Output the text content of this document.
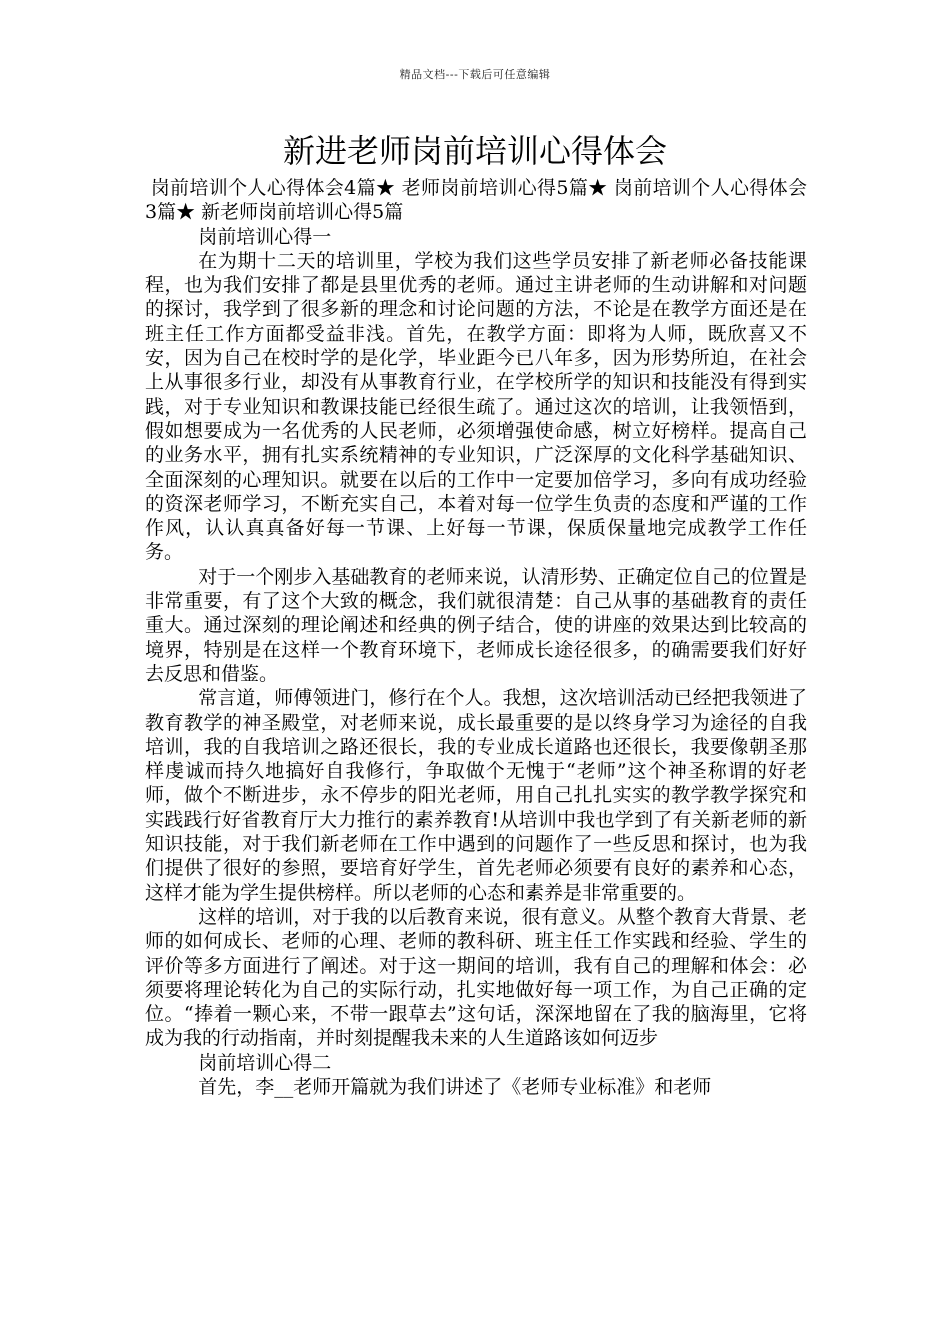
精品文档---下载后可任意编辑
新进老师岗前培训心得体会

岗前培训个人心得体会4篇★ 老师岗前培训心得5篇★ 岗前培训个人心得体会3篇★ 新老师岗前培训心得5篇

岗前培训心得一

在为期十二天的培训里，学校为我们这些学员安排了新老师必备技能课程，也为我们安排了都是县里优秀的老师。通过主讲老师的生动讲解和对问题的探讨，我学到了很多新的理念和讨论问题的方法，不论是在教学方面还是在班主任工作方面都受益非浅。首先，在教学方面：即将为人师，既欣喜又不安，因为自己在校时学的是化学，毕业距今已八年多，因为形势所迫，在社会上从事很多行业，却没有从事教育行业，在学校所学的知识和技能没有得到实践，对于专业知识和教课技能已经很生疏了。通过这次的培训，让我领悟到，假如想要成为一名优秀的人民老师，必须增强使命感，树立好榜样。提高自己的业务水平，拥有扎实系统精神的专业知识，广泛深厚的文化科学基础知识、全面深刻的心理知识。就要在以后的工作中一定要加倍学习，多向有成功经验的资深老师学习，不断充实自己，本着对每一位学生负责的态度和严谨的工作作风，认认真真备好每一节课、上好每一节课，保质保量地完成教学工作任务。

对于一个刚步入基础教育的老师来说，认清形势、正确定位自己的位置是非常重要，有了这个大致的概念，我们就很清楚：自己从事的基础教育的责任重大。通过深刻的理论阐述和经典的例子结合，使的讲座的效果达到比较高的境界，特别是在这样一个教育环境下，老师成长途径很多，的确需要我们好好去反思和借鉴。

常言道，师傅领进门，修行在个人。我想，这次培训活动已经把我领进了教育教学的神圣殿堂，对老师来说，成长最重要的是以终身学习为途径的自我培训，我的自我培训之路还很长，我的专业成长道路也还很长，我要像朝圣那样虔诚而持久地搞好自我修行，争取做个无愧于“老师”这个神圣称谓的好老师，做个不断进步，永不停步的阳光老师，用自己扎扎实实的教学教学探究和实践践行好省教育厅大力推行的素养教育!从培训中我也学到了有关新老师的新知识技能，对于我们新老师在工作中遇到的问题作了一些反思和探讨，也为我们提供了很好的参照，要培育好学生，首先老师必须要有良好的素养和心态，这样才能为学生提供榜样。所以老师的心态和素养是非常重要的。

这样的培训，对于我的以后教育来说，很有意义。从整个教育大背景、老师的如何成长、老师的心理、老师的教科研、班主任工作实践和经验、学生的评价等多方面进行了阐述。对于这一期间的培训，我有自己的理解和体会：必须要将理论转化为自己的实际行动，扎实地做好每一项工作，为自己正确的定位。“捧着一颗心来，不带一跟草去”这句话，深深地留在了我的脑海里，它将成为我的行动指南，并时刻提醒我未来的人生道路该如何迈步

岗前培训心得二

首先，李__老师开篇就为我们讲述了《老师专业标准》和老师
